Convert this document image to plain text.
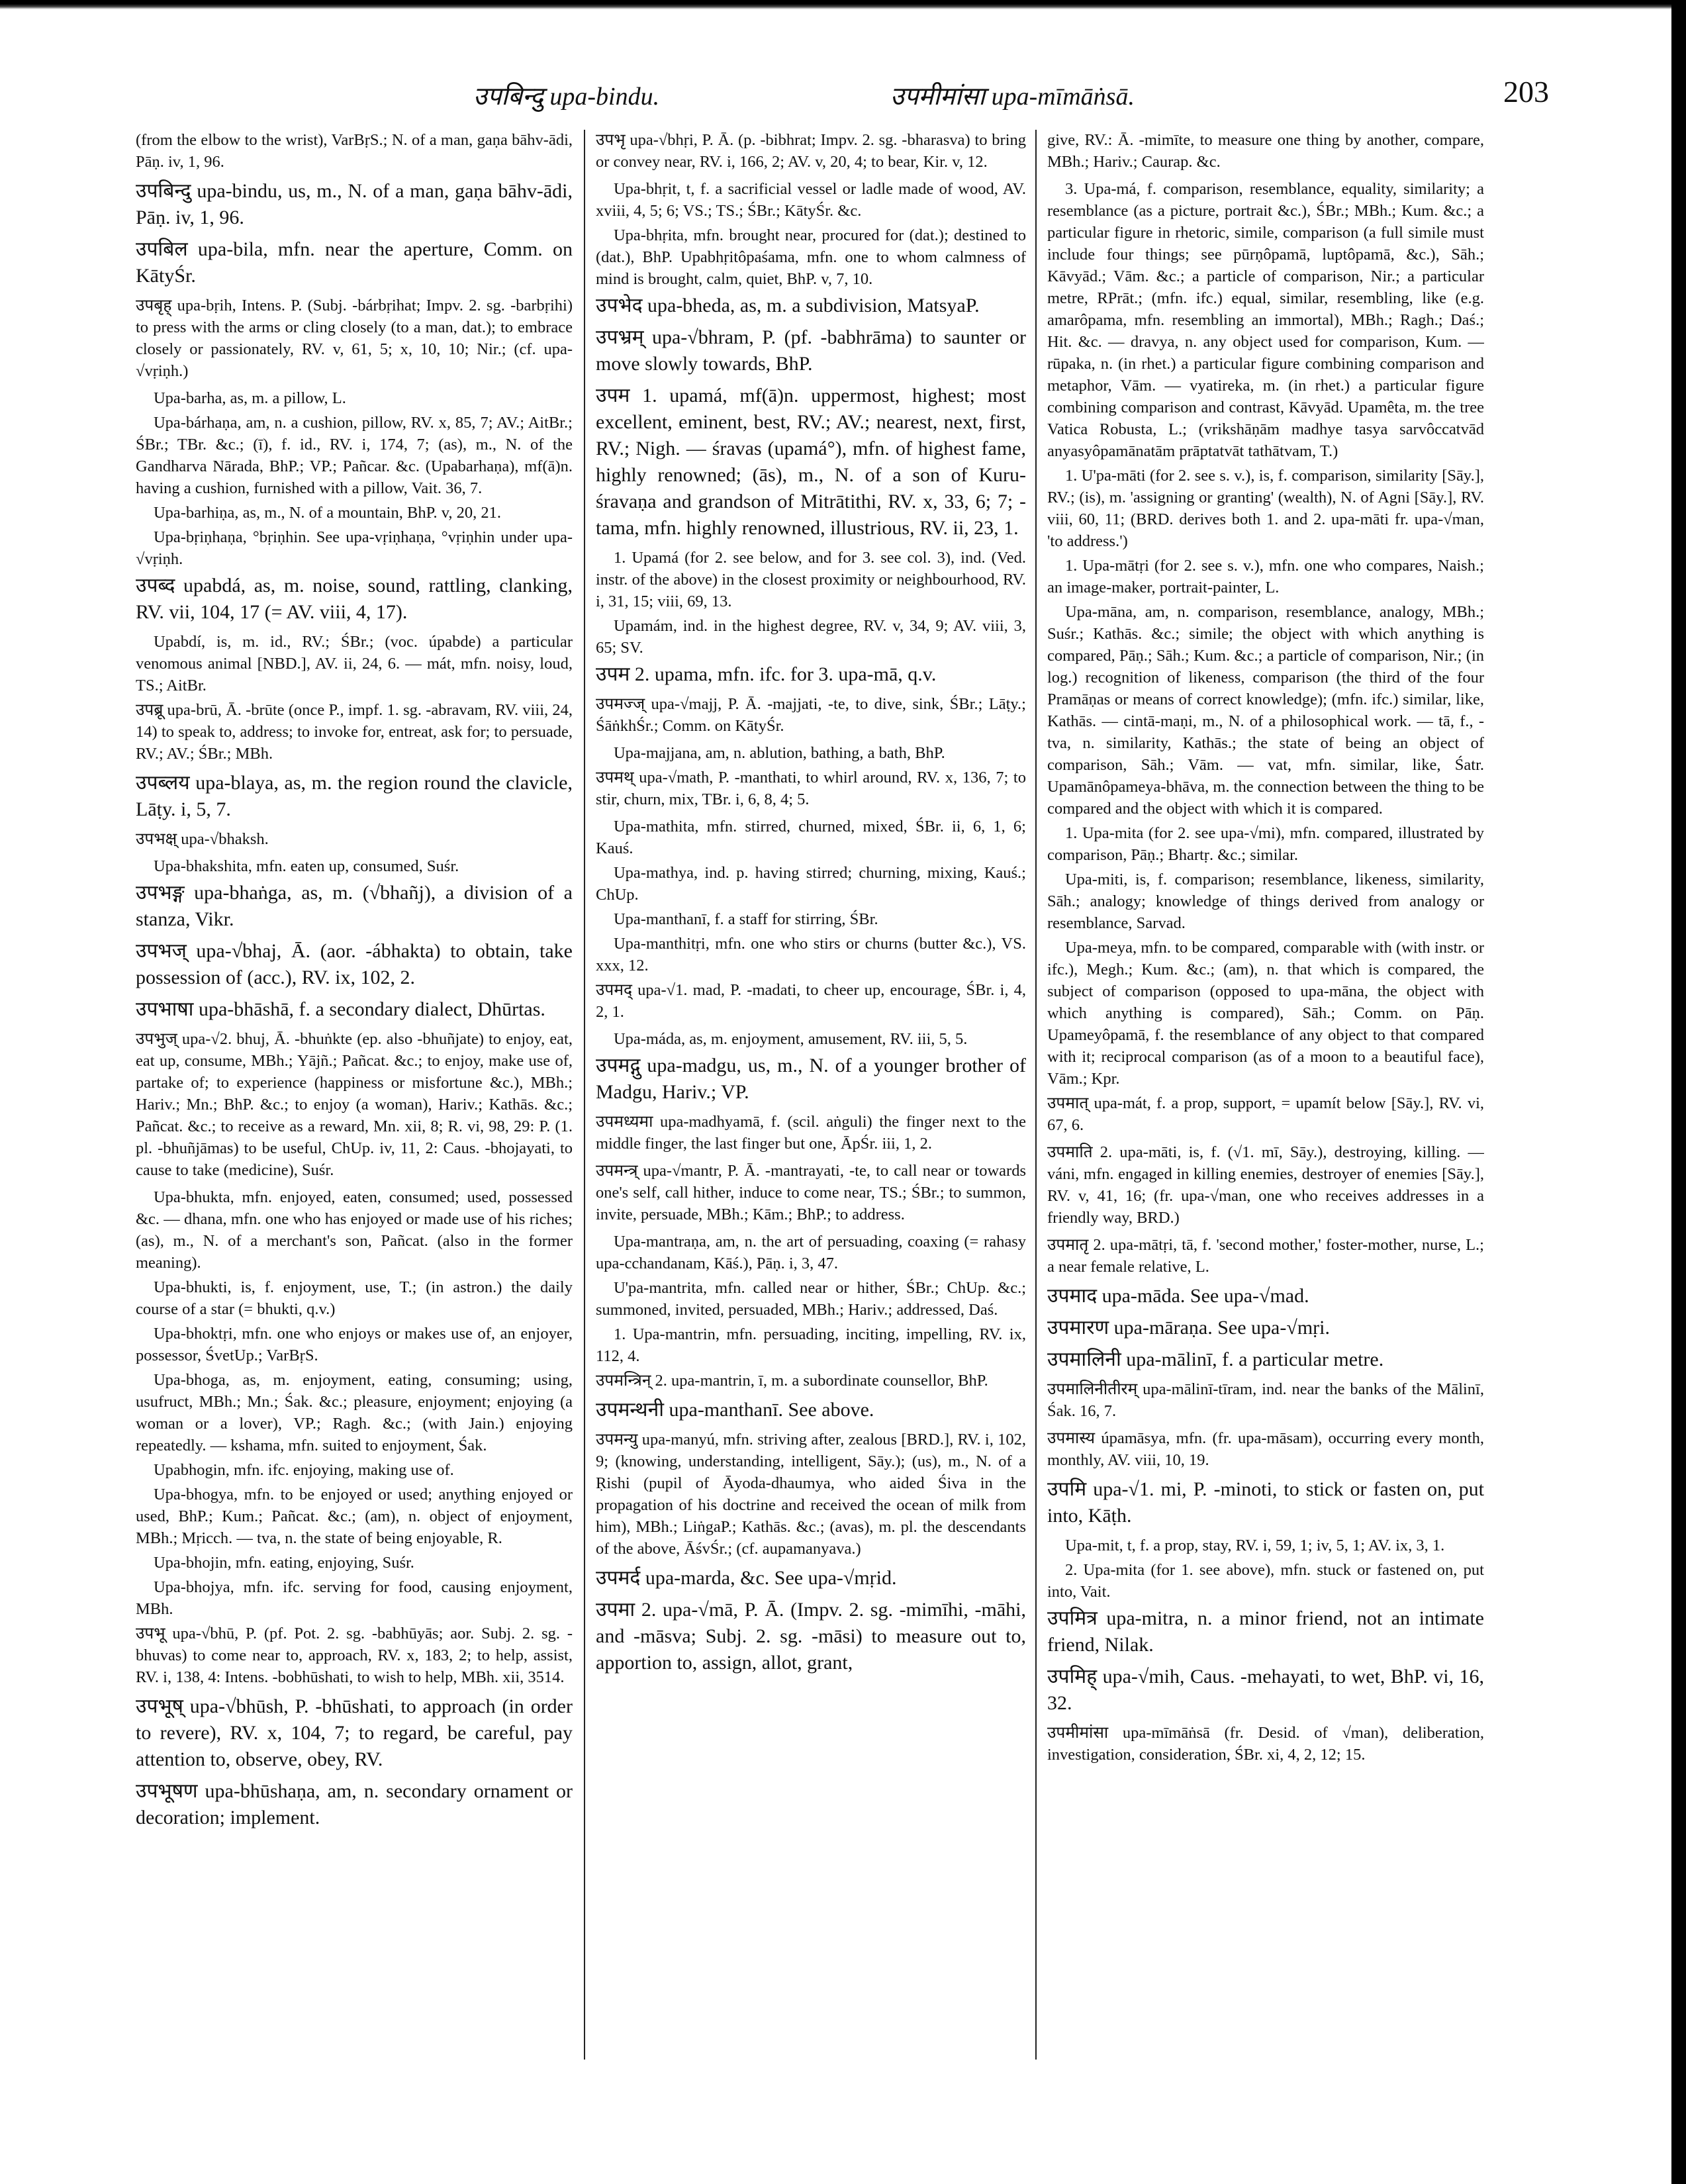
उपबिन्दु upa-bindu.	उपमीमांसा upa-mīmāṅsā.	203

(from the elbow to the wrist), VarBṛS.; N. of a man, gaṇa bāhv-ādi, Pāṇ. iv, 1, 96.

उपबिन्दु upa-bindu, us, m., N. of a man, gaṇa bāhv-ādi, Pāṇ. iv, 1, 96.

उपबिल upa-bila, mfn. near the aperture, Comm. on KātyŚr.

उपबृह् upa-bṛih, Intens. P. (Subj. -bárbṛihat; Impv. 2. sg. -barbṛihi) to press with the arms or cling closely (to a man, dat.); to embrace closely or passionately, RV. v, 61, 5; x, 10, 10; Nir.; (cf. upa-√vṛiṇh.)

Upa-barha, as, m. a pillow, L.

Upa-bárhaṇa, am, n. a cushion, pillow, RV. x, 85, 7; AV.; AitBr.; ŚBr.; TBr. &c.; (ī), f. id., RV. i, 174, 7; (as), m., N. of the Gandharva Nārada, BhP.; VP.; Pañcar. &c. (Upabarhaṇa), mf(ā)n. having a cushion, furnished with a pillow, Vait. 36, 7.

Upa-barhiṇa, as, m., N. of a mountain, BhP. v, 20, 21.

Upa-bṛiṇhaṇa, °bṛiṇhin. See upa-vṛiṇhaṇa, °vṛiṇhin under upa-√vṛiṇh.

उपब्द upabdá, as, m. noise, sound, rattling, clanking, RV. vii, 104, 17 (= AV. viii, 4, 17).

Upabdí, is, m. id., RV.; ŚBr.; (voc. úpabde) a particular venomous animal [NBD.], AV. ii, 24, 6. — mát, mfn. noisy, loud, TS.; AitBr.

उपब्रू upa-brū, Ā. -brūte (once P., impf. 1. sg. -abravam, RV. viii, 24, 14) to speak to, address; to invoke for, entreat, ask for; to persuade, RV.; AV.; ŚBr.; MBh.

उपब्लय upa-blaya, as, m. the region round the clavicle, Lāṭy. i, 5, 7.

उपभक्ष् upa-√bhaksh.

Upa-bhakshita, mfn. eaten up, consumed, Suśr.

उपभङ्ग upa-bhaṅga, as, m. (√bhañj), a division of a stanza, Vikr.

उपभज् upa-√bhaj, Ā. (aor. -ábhakta) to obtain, take possession of (acc.), RV. ix, 102, 2.

उपभाषा upa-bhāshā, f. a secondary dialect, Dhūrtas.

उपभुज् upa-√2. bhuj, Ā. -bhuṅkte (ep. also -bhuñjate) to enjoy, eat, eat up, consume, MBh.; Yājñ.; Pañcat. &c.; to enjoy, make use of, partake of; to experience (happiness or misfortune &c.), MBh.; Hariv.; Mn.; BhP. &c.; to enjoy (a woman), Hariv.; Kathās. &c.; Pañcat. &c.; to receive as a reward, Mn. xii, 8; R. vi, 98, 29: P. (1. pl. -bhuñjāmas) to be useful, ChUp. iv, 11, 2: Caus. -bhojayati, to cause to take (medicine), Suśr.

Upa-bhukta, mfn. enjoyed, eaten, consumed; used, possessed &c. — dhana, mfn. one who has enjoyed or made use of his riches; (as), m., N. of a merchant's son, Pañcat. (also in the former meaning).

Upa-bhukti, is, f. enjoyment, use, T.; (in astron.) the daily course of a star (= bhukti, q.v.)

Upa-bhoktṛi, mfn. one who enjoys or makes use of, an enjoyer, possessor, ŚvetUp.; VarBṛS.

Upa-bhoga, as, m. enjoyment, eating, consuming; using, usufruct, MBh.; Mn.; Śak. &c.; pleasure, enjoyment; enjoying (a woman or a lover), VP.; Ragh. &c.; (with Jain.) enjoying repeatedly. — kshama, mfn. suited to enjoyment, Śak.

Upabhogin, mfn. ifc. enjoying, making use of.

Upa-bhogya, mfn. to be enjoyed or used; anything enjoyed or used, BhP.; Kum.; Pañcat. &c.; (am), n. object of enjoyment, MBh.; Mṛicch. — tva, n. the state of being enjoyable, R.

Upa-bhojin, mfn. eating, enjoying, Suśr.

Upa-bhojya, mfn. ifc. serving for food, causing enjoyment, MBh.

उपभू upa-√bhū, P. (pf. Pot. 2. sg. -babhūyās; aor. Subj. 2. sg. -bhuvas) to come near to, approach, RV. x, 183, 2; to help, assist, RV. i, 138, 4: Intens. -bobhūshati, to wish to help, MBh. xii, 3514.

उपभूष् upa-√bhūsh, P. -bhūshati, to approach (in order to revere), RV. x, 104, 7; to regard, be careful, pay attention to, observe, obey, RV.

उपभूषण upa-bhūshaṇa, am, n. secondary ornament or decoration; implement.

उपभृ upa-√bhṛi, P. Ā. (p. -bibhrat; Impv. 2. sg. -bharasva) to bring or convey near, RV. i, 166, 2; AV. v, 20, 4; to bear, Kir. v, 12.

Upa-bhṛit, t, f. a sacrificial vessel or ladle made of wood, AV. xviii, 4, 5; 6; VS.; TS.; ŚBr.; KātyŚr. &c.

Upa-bhṛita, mfn. brought near, procured for (dat.); destined to (dat.), BhP. Upabhṛitôpaśama, mfn. one to whom calmness of mind is brought, calm, quiet, BhP. v, 7, 10.

उपभेद upa-bheda, as, m. a subdivision, MatsyaP.

उपभ्रम् upa-√bhram, P. (pf. -babhrāma) to saunter or move slowly towards, BhP.

उपम 1. upamá, mf(ā)n. uppermost, highest; most excellent, eminent, best, RV.; AV.; nearest, next, first, RV.; Nigh. — śravas (upamá°), mfn. of highest fame, highly renowned; (ās), m., N. of a son of Kuru-śravaṇa and grandson of Mitrātithi, RV. x, 33, 6; 7; -tama, mfn. highly renowned, illustrious, RV. ii, 23, 1.

1. Upamá (for 2. see below, and for 3. see col. 3), ind. (Ved. instr. of the above) in the closest proximity or neighbourhood, RV. i, 31, 15; viii, 69, 13.

Upamám, ind. in the highest degree, RV. v, 34, 9; AV. viii, 3, 65; SV.

उपम 2. upama, mfn. ifc. for 3. upa-mā, q.v.

उपमज्ज् upa-√majj, P. Ā. -majjati, -te, to dive, sink, ŚBr.; Lāṭy.; ŚāṅkhŚr.; Comm. on KātyŚr.

Upa-majjana, am, n. ablution, bathing, a bath, BhP.

उपमथ् upa-√math, P. -manthati, to whirl around, RV. x, 136, 7; to stir, churn, mix, TBr. i, 6, 8, 4; 5.

Upa-mathita, mfn. stirred, churned, mixed, ŚBr. ii, 6, 1, 6; Kauś.

Upa-mathya, ind. p. having stirred; churning, mixing, Kauś.; ChUp.

Upa-manthanī, f. a staff for stirring, ŚBr.

Upa-manthitṛi, mfn. one who stirs or churns (butter &c.), VS. xxx, 12.

उपमद् upa-√1. mad, P. -madati, to cheer up, encourage, ŚBr. i, 4, 2, 1.

Upa-máda, as, m. enjoyment, amusement, RV. iii, 5, 5.

उपमद्गु upa-madgu, us, m., N. of a younger brother of Madgu, Hariv.; VP.

उपमध्यमा upa-madhyamā, f. (scil. aṅguli) the finger next to the middle finger, the last finger but one, ĀpŚr. iii, 1, 2.

उपमन्त्र् upa-√mantr, P. Ā. -mantrayati, -te, to call near or towards one's self, call hither, induce to come near, TS.; ŚBr.; to summon, invite, persuade, MBh.; Kām.; BhP.; to address.

Upa-mantraṇa, am, n. the art of persuading, coaxing (= rahasy upa-cchandanam, Kāś.), Pāṇ. i, 3, 47.

U'pa-mantrita, mfn. called near or hither, ŚBr.; ChUp. &c.; summoned, invited, persuaded, MBh.; Hariv.; addressed, Daś.

1. Upa-mantrin, mfn. persuading, inciting, impelling, RV. ix, 112, 4.

उपमन्त्रिन् 2. upa-mantrin, ī, m. a subordinate counsellor, BhP.

उपमन्थनी upa-manthanī. See above.

उपमन्यु upa-manyú, mfn. striving after, zealous [BRD.], RV. i, 102, 9; (knowing, understanding, intelligent, Sāy.); (us), m., N. of a Ṛishi (pupil of Āyoda-dhaumya, who aided Śiva in the propagation of his doctrine and received the ocean of milk from him), MBh.; LiṅgaP.; Kathās. &c.; (avas), m. pl. the descendants of the above, ĀśvŚr.; (cf. aupamanyava.)

उपमर्द upa-marda, &c. See upa-√mṛid.

उपमा 2. upa-√mā, P. Ā. (Impv. 2. sg. -mimīhi, -māhi, and -māsva; Subj. 2. sg. -māsi) to measure out to, apportion to, assign, allot, grant,

give, RV.: Ā. -mimīte, to measure one thing by another, compare, MBh.; Hariv.; Caurap. &c.

3. Upa-má, f. comparison, resemblance, equality, similarity; a resemblance (as a picture, portrait &c.), ŚBr.; MBh.; Kum. &c.; a particular figure in rhetoric, simile, comparison (a full simile must include four things; see pūrṇôpamā, luptôpamā, &c.), Sāh.; Kāvyād.; Vām. &c.; a particle of comparison, Nir.; a particular metre, RPrāt.; (mfn. ifc.) equal, similar, resembling, like (e.g. amarôpama, mfn. resembling an immortal), MBh.; Ragh.; Daś.; Hit. &c. — dravya, n. any object used for comparison, Kum. — rūpaka, n. (in rhet.) a particular figure combining comparison and metaphor, Vām. — vyatireka, m. (in rhet.) a particular figure combining comparison and contrast, Kāvyād. Upamêta, m. the tree Vatica Robusta, L.; (vrikshāṇām madhye tasya sarvôccatvād anyasyôpamānatām prāptatvāt tathātvam, T.)

1. U'pa-māti (for 2. see s. v.), is, f. comparison, similarity [Sāy.], RV.; (is), m. 'assigning or granting' (wealth), N. of Agni [Sāy.], RV. viii, 60, 11; (BRD. derives both 1. and 2. upa-māti fr. upa-√man, 'to address.')

1. Upa-mātṛi (for 2. see s. v.), mfn. one who compares, Naish.; an image-maker, portrait-painter, L.

Upa-māna, am, n. comparison, resemblance, analogy, MBh.; Suśr.; Kathās. &c.; simile; the object with which anything is compared, Pāṇ.; Sāh.; Kum. &c.; a particle of comparison, Nir.; (in log.) recognition of likeness, comparison (the third of the four Pramāṇas or means of correct knowledge); (mfn. ifc.) similar, like, Kathās. — cintā-maṇi, m., N. of a philosophical work. — tā, f., -tva, n. similarity, Kathās.; the state of being an object of comparison, Sāh.; Vām. — vat, mfn. similar, like, Śatr. Upamānôpameya-bhāva, m. the connection between the thing to be compared and the object with which it is compared.

1. Upa-mita (for 2. see upa-√mi), mfn. compared, illustrated by comparison, Pāṇ.; Bhartṛ. &c.; similar.

Upa-miti, is, f. comparison; resemblance, likeness, similarity, Sāh.; analogy; knowledge of things derived from analogy or resemblance, Sarvad.

Upa-meya, mfn. to be compared, comparable with (with instr. or ifc.), Megh.; Kum. &c.; (am), n. that which is compared, the subject of comparison (opposed to upa-māna, the object with which anything is compared), Sāh.; Comm. on Pāṇ. Upameyôpamā, f. the resemblance of any object to that compared with it; reciprocal comparison (as of a moon to a beautiful face), Vām.; Kpr.

उपमात् upa-mát, f. a prop, support, = upamít below [Sāy.], RV. vi, 67, 6.

उपमाति 2. upa-māti, is, f. (√1. mī, Sāy.), destroying, killing. — váni, mfn. engaged in killing enemies, destroyer of enemies [Sāy.], RV. v, 41, 16; (fr. upa-√man, one who receives addresses in a friendly way, BRD.)

उपमातृ 2. upa-mātṛi, tā, f. 'second mother,' foster-mother, nurse, L.; a near female relative, L.

उपमाद upa-māda. See upa-√mad.

उपमारण upa-māraṇa. See upa-√mṛi.

उपमालिनी upa-mālinī, f. a particular metre.

उपमालिनीतीरम् upa-mālinī-tīram, ind. near the banks of the Mālinī, Śak. 16, 7.

उपमास्य úpamāsya, mfn. (fr. upa-māsam), occurring every month, monthly, AV. viii, 10, 19.

उपमि upa-√1. mi, P. -minoti, to stick or fasten on, put into, Kāṭh.

Upa-mit, t, f. a prop, stay, RV. i, 59, 1; iv, 5, 1; AV. ix, 3, 1.

2. Upa-mita (for 1. see above), mfn. stuck or fastened on, put into, Vait.

उपमित्र upa-mitra, n. a minor friend, not an intimate friend, Nilak.

उपमिह् upa-√mih, Caus. -mehayati, to wet, BhP. vi, 16, 32.

उपमीमांसा upa-mīmāṅsā (fr. Desid. of √man), deliberation, investigation, consideration, ŚBr. xi, 4, 2, 12; 15.
